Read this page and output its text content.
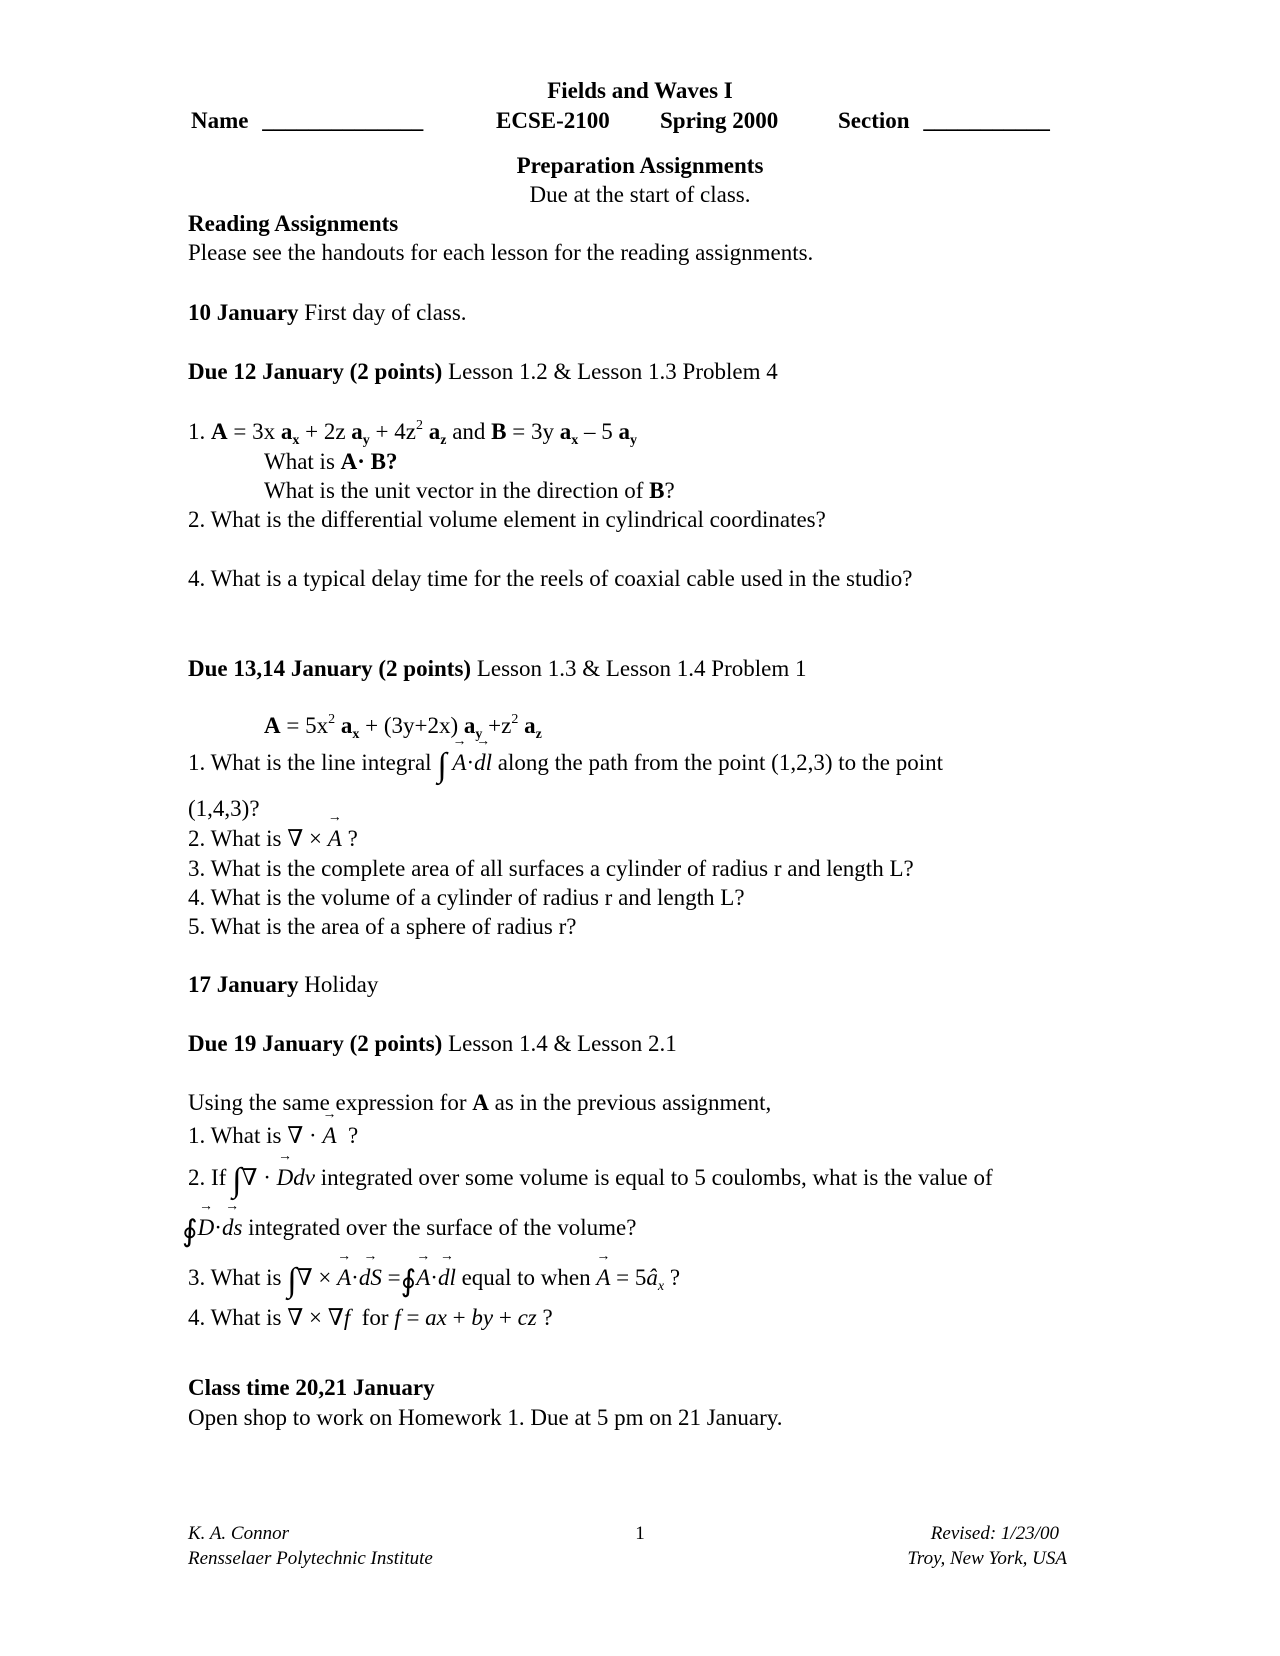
Fields and Waves I
Name ______________	ECSE-2100 Spring 2000	Section ___________
Preparation Assignments
Due at the start of class.
Reading Assignments
Please see the handouts for each lesson for the reading assignments.
10 January First day of class.
Due 12 January (2 points) Lesson 1.2 & Lesson 1.3 Problem 4
1. A = 3x $a_x + 2z$ $a_y + 4z^2$ $a_z$ and B = 3y $a_x - 5$ $a_y$
What is A· B?
What is the unit vector in the direction of B?
2. What is the differential volume element in cylindrical coordinates?
4. What is a typical delay time for the reels of coaxial cable used in the studio?
Due 13,14 January (2 points) Lesson 1.3 & Lesson 1.4 Problem 1
$A = 5x^2$ $a_x + (3y+2x)$ $a_y +z^2$ $a_z$
1. What is the line integral ∫ → A·→ dl along the path from the point (1,2,3) to the point
(1,4,3)?
2. What is ∇ × → A ?
3. What is the complete area of all surfaces a cylinder of radius r and length L?
4. What is the volume of a cylinder of radius r and length L?
5. What is the area of a sphere of radius r?
17 January Holiday
Due 19 January (2 points) Lesson 1.4 & Lesson 2.1
Using the same expression for A as in the previous assignment,
1. What is ∇ · → A  ?
2. If ∫∇ · → Ddv integrated over some volume is equal to 5 coulombs, what is the value of
∮→ D·→ ds integrated over the surface of the volume?
3. What is ∫∇ × → A·→ dS =∮→ A·→ dl equal to when → $A = 5â_x$ ?
4. What is ∇ × ∇f  for f = ax + by + cz ?
Class time 20,21 January
Open shop to work on Homework 1. Due at 5 pm on 21 January.
K. A. Connor
Rensselaer Polytechnic Institute
1	Revised: 1/23/00
Troy, New York, USA
